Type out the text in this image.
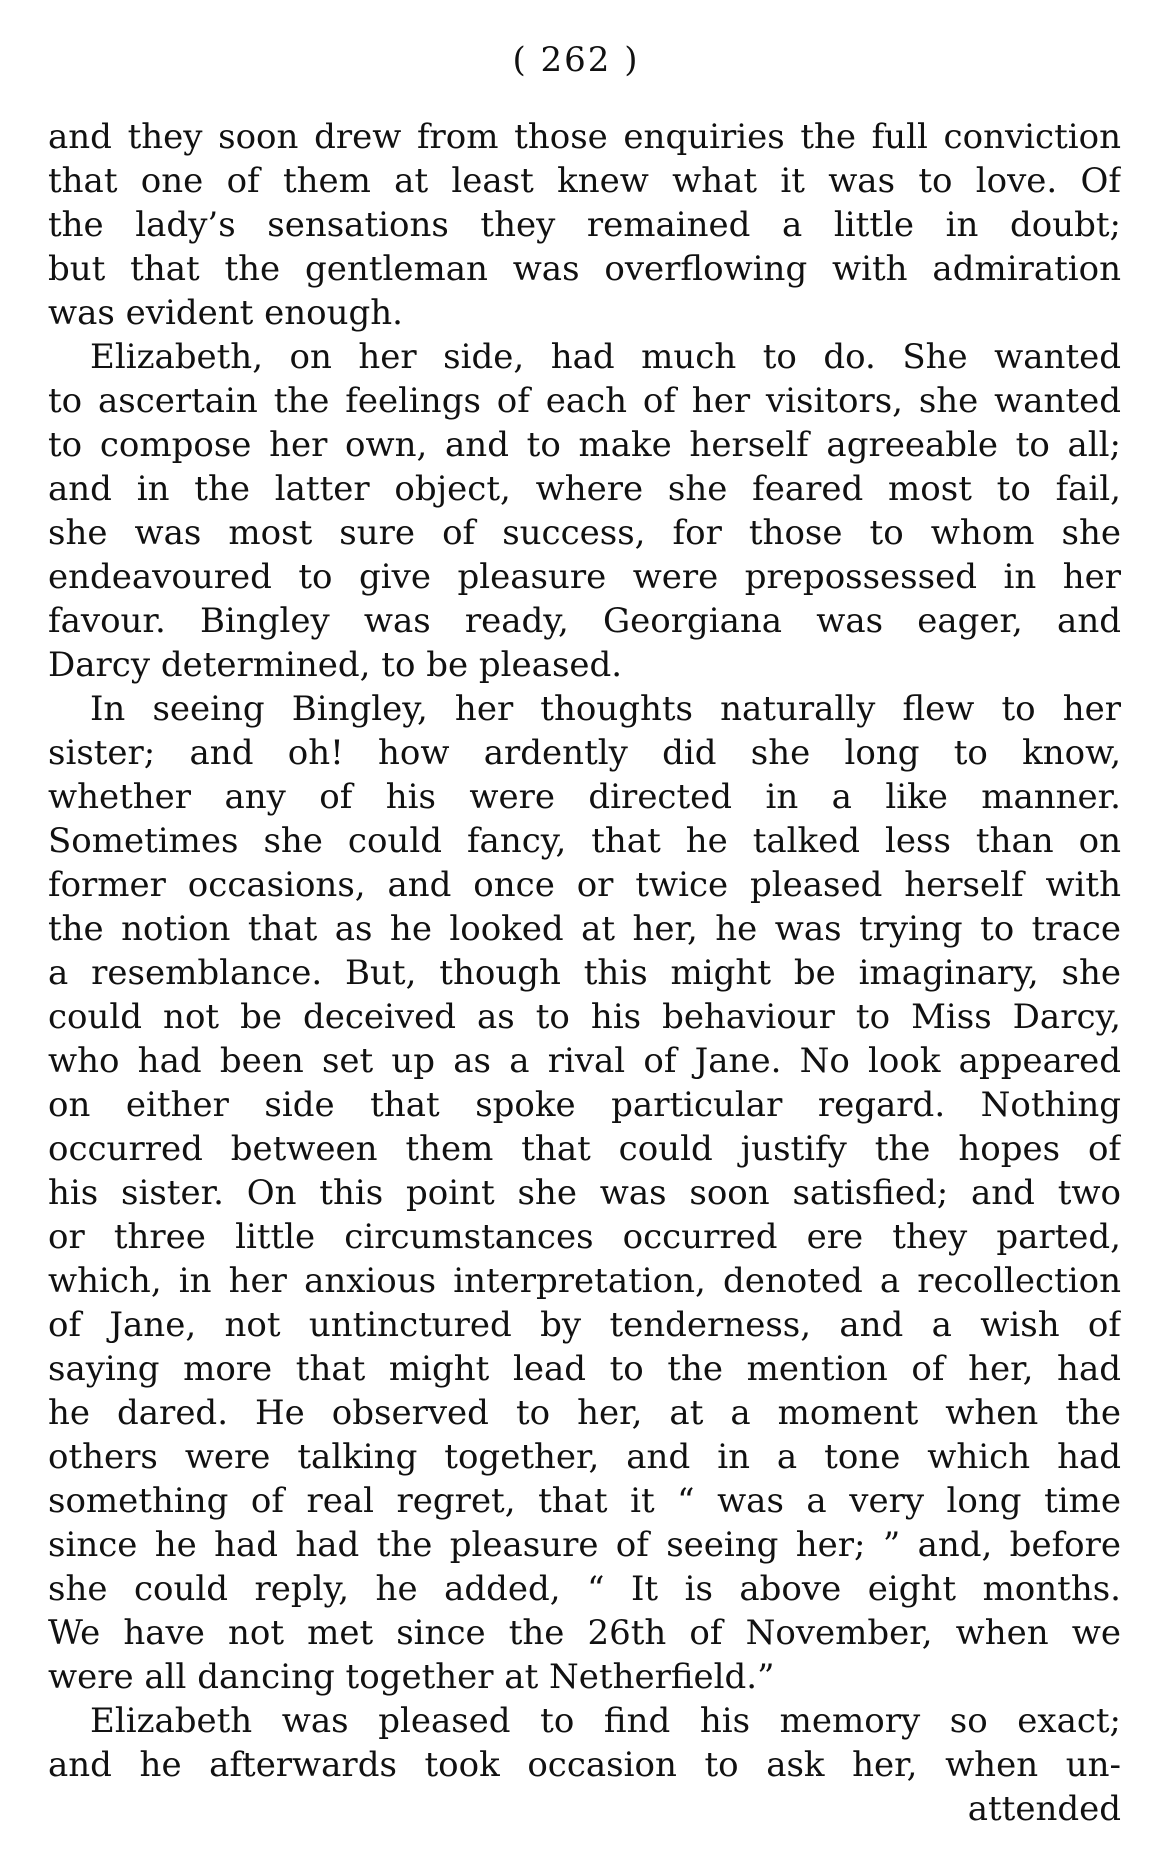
( 262 )
and they soon drew from those enquiries the full conviction
that one of them at least knew what it was to love. Of
the lady’s sensations they remained a little in doubt;
but that the gentleman was overflowing with admiration
was evident enough.
Elizabeth, on her side, had much to do. She wanted
to ascertain the feelings of each of her visitors, she wanted
to compose her own, and to make herself agreeable to all;
and in the latter object, where she feared most to fail,
she was most sure of success, for those to whom she
endeavoured to give pleasure were prepossessed in her
favour. Bingley was ready, Georgiana was eager, and
Darcy determined, to be pleased.
In seeing Bingley, her thoughts naturally flew to her
sister; and oh! how ardently did she long to know,
whether any of his were directed in a like manner.
Sometimes she could fancy, that he talked less than on
former occasions, and once or twice pleased herself with
the notion that as he looked at her, he was trying to trace
a resemblance. But, though this might be imaginary, she
could not be deceived as to his behaviour to Miss Darcy,
who had been set up as a rival of Jane. No look appeared
on either side that spoke particular regard. Nothing
occurred between them that could justify the hopes of
his sister. On this point she was soon satisfied; and two
or three little circumstances occurred ere they parted,
which, in her anxious interpretation, denoted a recollection
of Jane, not untinctured by tenderness, and a wish of
saying more that might lead to the mention of her, had
he dared. He observed to her, at a moment when the
others were talking together, and in a tone which had
something of real regret, that it “ was a very long time
since he had had the pleasure of seeing her; ” and, before
she could reply, he added, “ It is above eight months.
We have not met since the 26th of November, when we
were all dancing together at Netherfield.”
Elizabeth was pleased to find his memory so exact;
and he afterwards took occasion to ask her, when un-
attended
